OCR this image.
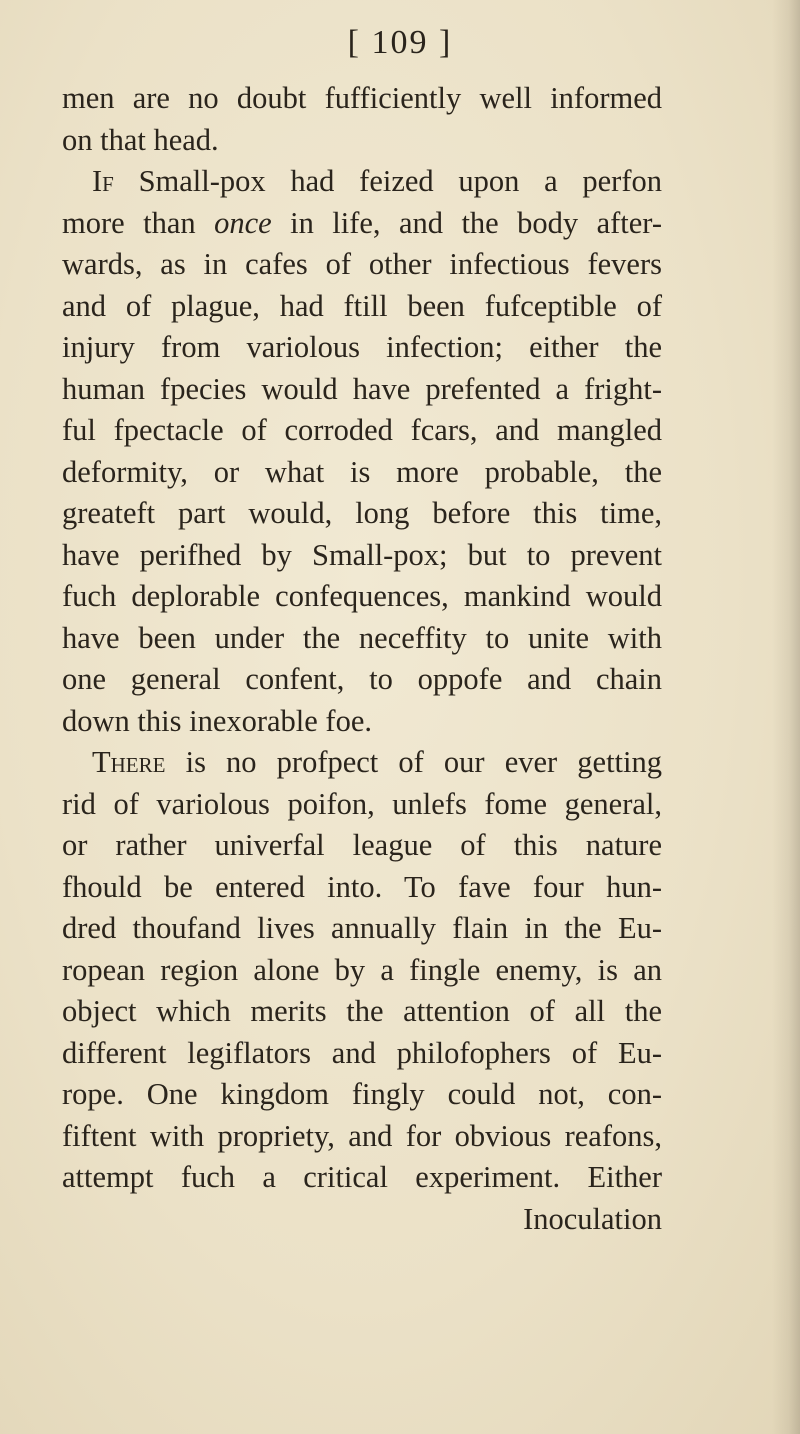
[ 109 ]
men are no doubt fufficiently well informed
on that head.
If Small-pox had feized upon a perfon
more than once in life, and the body after-
wards, as in cafes of other infectious fevers
and of plague, had ftill been fufceptible of
injury from variolous infection; either the
human fpecies would have prefented a fright-
ful fpectacle of corroded fcars, and mangled
deformity, or what is more probable, the
greateft part would, long before this time,
have perifhed by Small-pox; but to prevent
fuch deplorable confequences, mankind would
have been under the neceffity to unite with
one general confent, to oppofe and chain
down this inexorable foe.
There is no profpect of our ever getting
rid of variolous poifon, unlefs fome general,
or rather univerfal league of this nature
fhould be entered into. To fave four hun-
dred thoufand lives annually flain in the Eu-
ropean region alone by a fingle enemy, is an
object which merits the attention of all the
different legiflators and philofophers of Eu-
rope. One kingdom fingly could not, con-
fiftent with propriety, and for obvious reafons,
attempt fuch a critical experiment. Either
Inoculation
